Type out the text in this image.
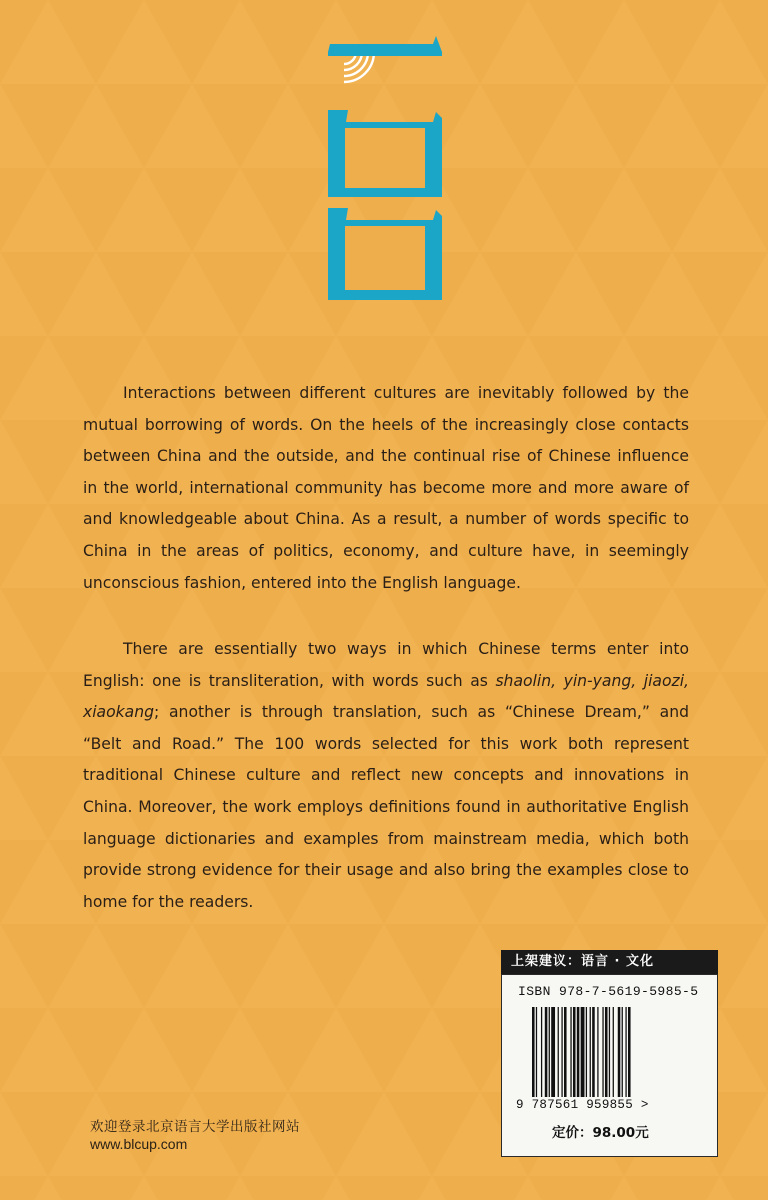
Interactions between different cultures are inevitably followed by the mutual borrowing of words. On the heels of the increasingly close contacts between China and the outside, and the continual rise of Chinese influence in the world, international community has become more and more aware of and knowledgeable about China. As a result, a number of words specific to China in the areas of politics, economy, and culture have, in seemingly unconscious fashion, entered into the English language.

There are essentially two ways in which Chinese terms enter into English: one is transliteration, with words such as shaolin, yin-yang, jiaozi, xiaokang; another is through translation, such as “Chinese Dream,” and “Belt and Road.” The 100 words selected for this work both represent traditional Chinese culture and reflect new concepts and innovations in China. Moreover, the work employs definitions found in authoritative English language dictionaries and examples from mainstream media, which both provide strong evidence for their usage and also bring the examples close to home for the readers.

欢迎登录北京语言大学出版社网站
www.blcup.com
上架建议：语言 · 文化
ISBN 978-7-5619-5985-5
9 787561 959855 >
定价：98.00元
